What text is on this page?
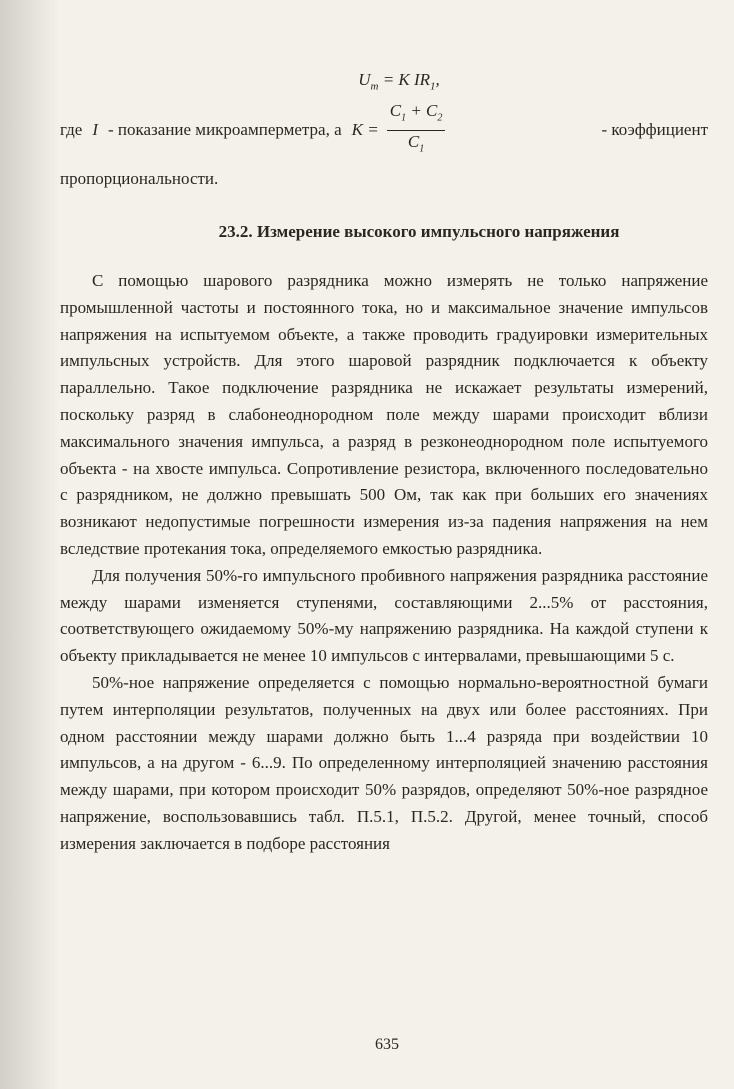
$U_m = K$ $IR_1$,
где I - показание микроамперметра, а $K = \frac{C_1 + C_2}{C_1}$	- коэффициент
пропорциональности.
23.2. Измерение высокого импульсного напряжения

С помощью шарового разрядника можно измерять не только напряжение промышленной частоты и постоянного тока, но и максимальное значение импульсов напряжения на испытуемом объекте, а также проводить градуировки измерительных импульсных устройств. Для этого шаровой разрядник подключается к объекту параллельно. Такое подключение разрядника не искажает результаты измерений, поскольку разряд в слабонеоднородном поле между шарами происходит вблизи максимального значения импульса, а разряд в резконеоднородном поле испытуемого объекта - на хвосте импульса. Сопротивление резистора, включенного последовательно с разрядником, не должно превышать 500 Ом, так как при больших его значениях возникают недопустимые погрешности измерения из-за падения напряжения на нем вследствие протекания тока, определяемого емкостью разрядника.

Для получения 50%-го импульсного пробивного напряжения разрядника расстояние между шарами изменяется ступенями, составляющими 2...5% от расстояния, соответствующего ожидаемому 50%-му напряжению разрядника. На каждой ступени к объекту прикладывается не менее 10 импульсов с интервалами, превышающими 5 с.

50%-ное напряжение определяется с помощью нормально-вероятностной бумаги путем интерполяции результатов, полученных на двух или более расстояниях. При одном расстоянии между шарами должно быть 1...4 разряда при воздействии 10 импульсов, а на другом - 6...9. По определенному интерполяцией значению расстояния между шарами, при котором происходит 50% разрядов, определяют 50%-ное разрядное напряжение, воспользовавшись табл. П.5.1, П.5.2. Другой, менее точный, способ измерения заключается в подборе расстояния

635
